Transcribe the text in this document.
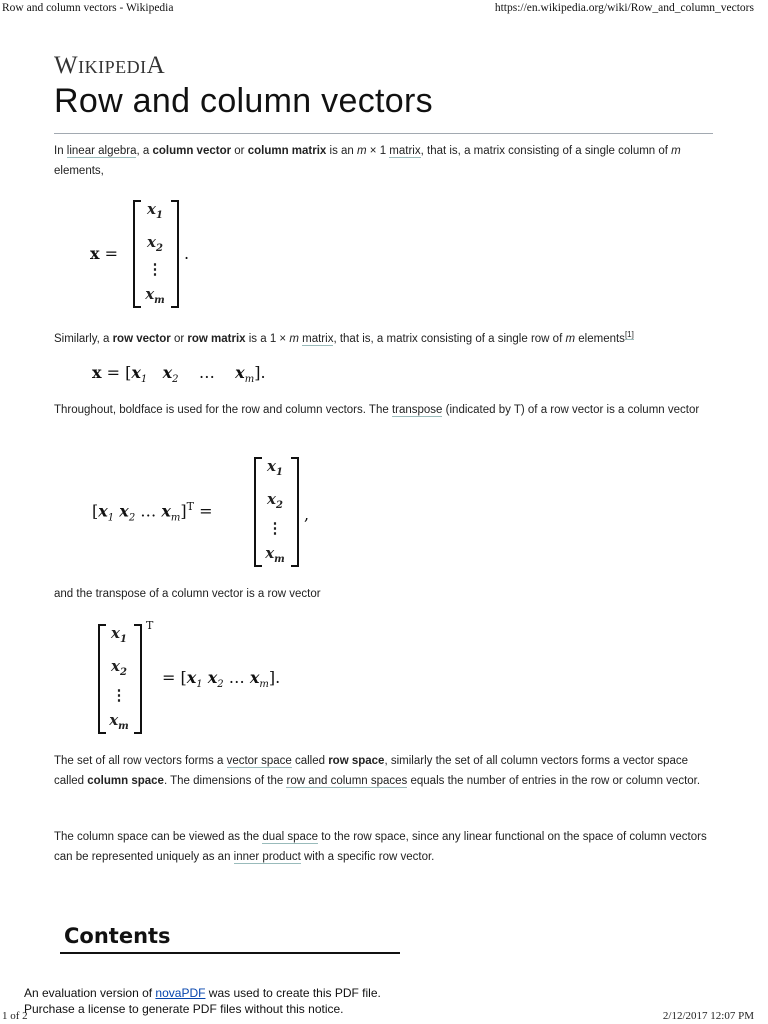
Row and column vectors - Wikipedia	https://en.wikipedia.org/wiki/Row_and_column_vectors
WIKIPEDIA
Row and column vectors
In linear algebra, a column vector or column matrix is an m × 1 matrix, that is, a matrix consisting of a single column of m elements,
x =
$x_1$
$x_2$
⋮
$x_m$
.
Similarly, a row vector or row matrix is a 1 × m matrix, that is, a matrix consisting of a single row of m elements[1]
$x = [x_1$ $x_2$ … $x_m$].
Throughout, boldface is used for the row and column vectors. The transpose (indicated by T) of a row vector is a column vector
[$x_1$ $x_2$ … $x_m]^T$ =
$x_1$
$x_2$
⋮
$x_m$
,
and the transpose of a column vector is a row vector
$x_1$
$x_2$
⋮
$x_m$
T
= [$x_1$ $x_2$ … $x_m$].
The set of all row vectors forms a vector space called row space, similarly the set of all column vectors forms a vector space called column space. The dimensions of the row and column spaces equals the number of entries in the row or column vector.
The column space can be viewed as the dual space to the row space, since any linear functional on the space of column vectors can be represented uniquely as an inner product with a specific row vector.
Contents
An evaluation version of novaPDF was used to create this PDF file.
Purchase a license to generate PDF files without this notice.
1 of 2	2/12/2017 12:07 PM
